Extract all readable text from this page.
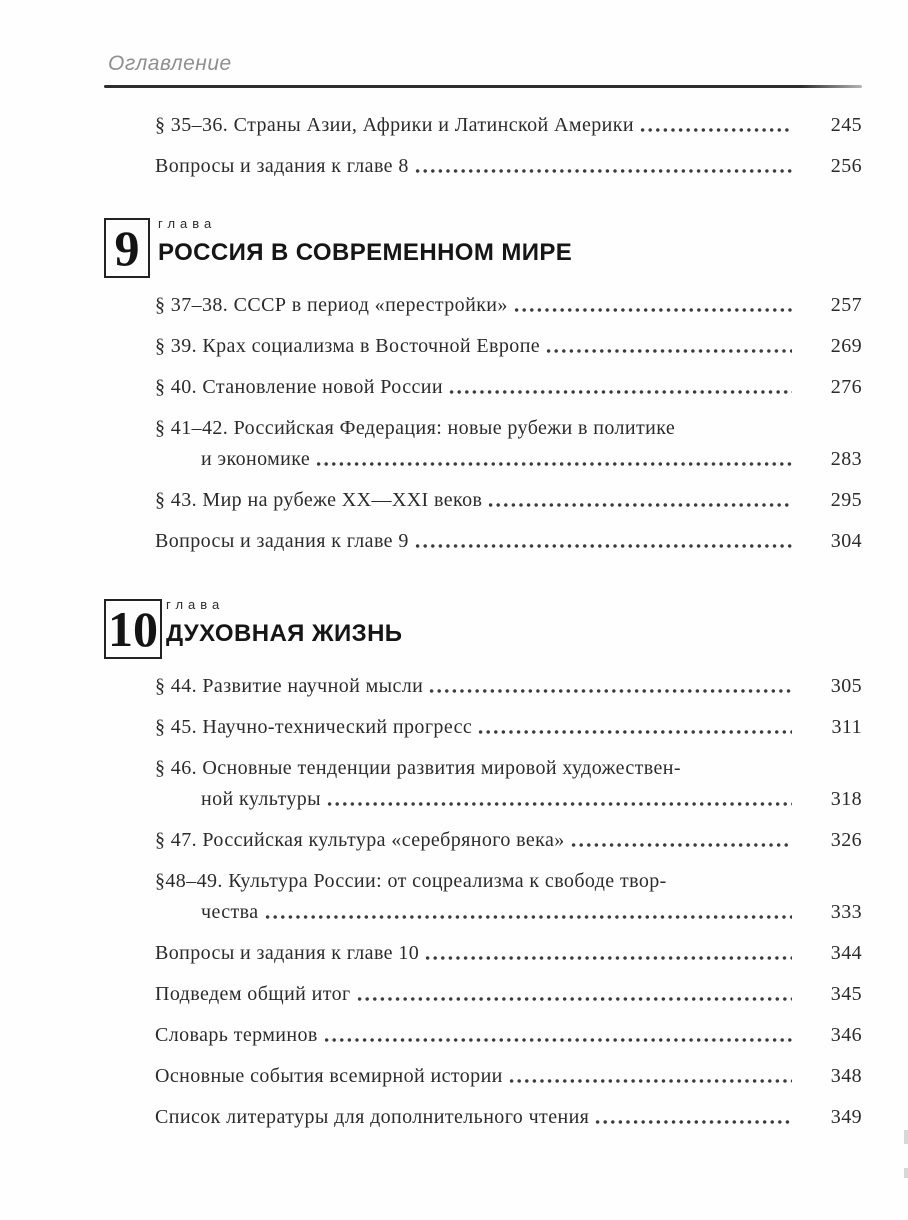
Оглавление
§ 35–36. Страны Азии, Африки и Латинской Америки	245
Вопросы и задания к главе 8	256
9 глава
РОССИЯ В СОВРЕМЕННОМ МИРЕ
§ 37–38. СССР в период «перестройки»	257
§ 39. Крах социализма в Восточной Европе	269
§ 40. Становление новой России	276
§ 41–42. Российская Федерация: новые рубежи в политике
и экономике	283
§ 43. Мир на рубеже XX—XXI веков	295
Вопросы и задания к главе 9	304
10 глава
ДУХОВНАЯ ЖИЗНЬ
§ 44. Развитие научной мысли	305
§ 45. Научно-технический прогресс	311
§ 46. Основные тенденции развития мировой художествен-
ной культуры	318
§ 47. Российская культура «серебряного века»	326
§48–49. Культура России: от соцреализма к свободе твор-
чества	333
Вопросы и задания к главе 10	344
Подведем общий итог	345
Словарь терминов	346
Основные события всемирной истории	348
Список литературы для дополнительного чтения	349
